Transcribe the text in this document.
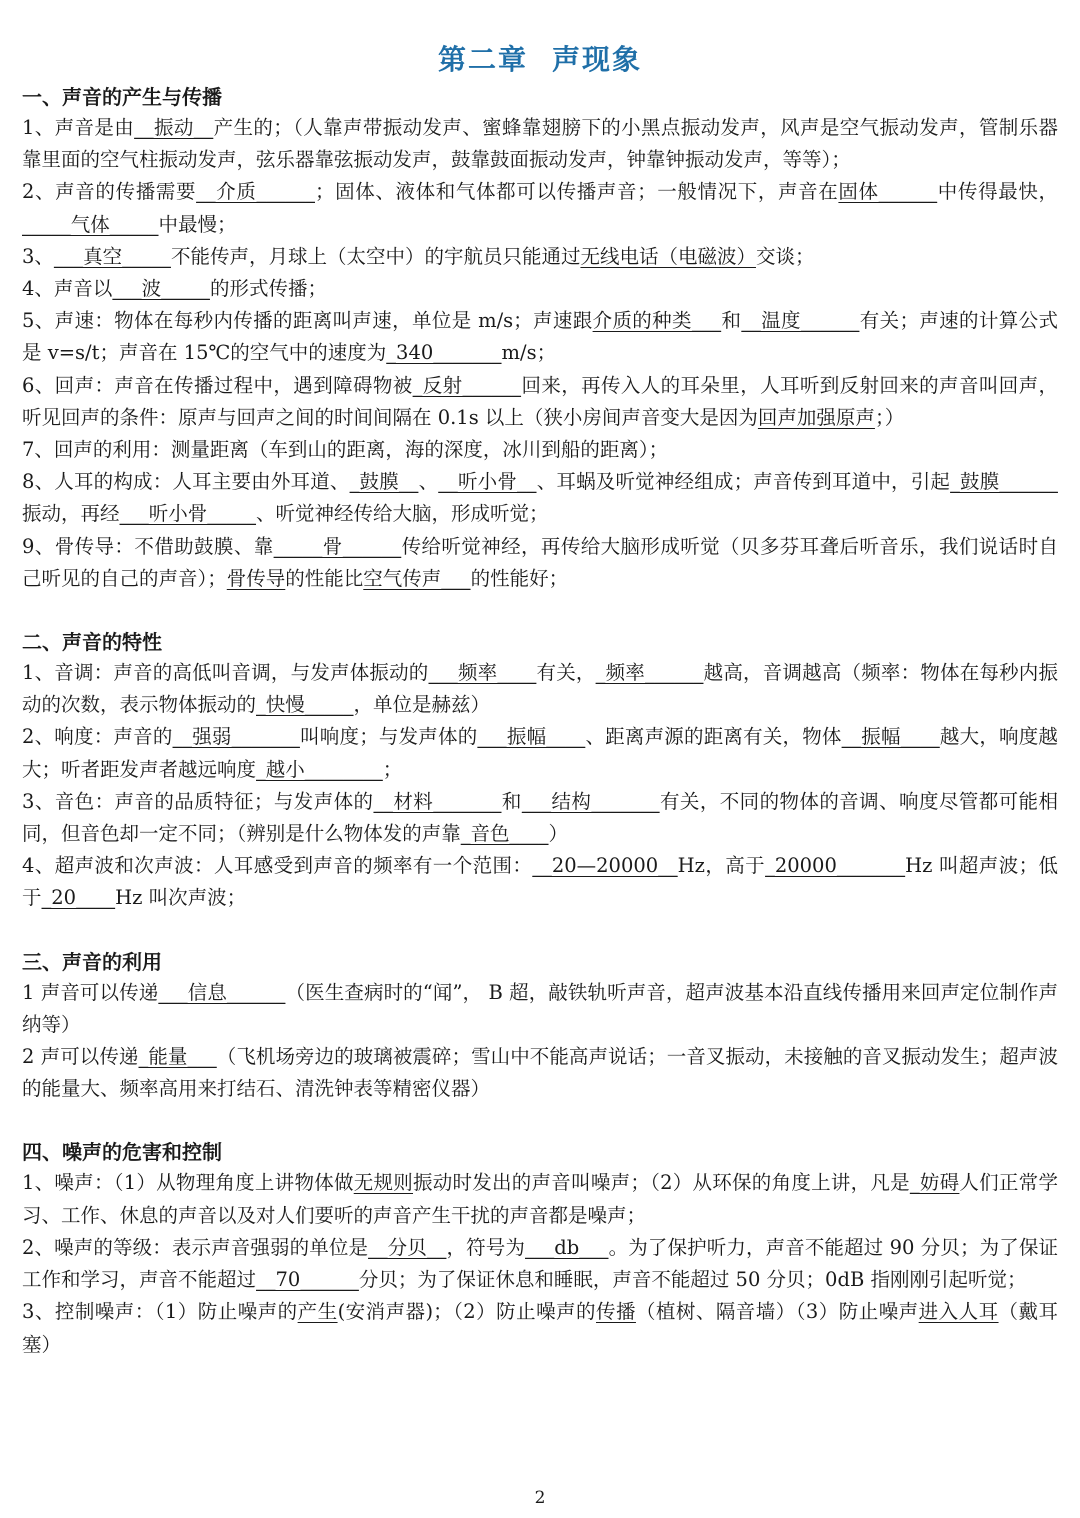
第二章 声现象
一、声音的产生与传播

1、声音是由__振动__产生的；（人靠声带振动发声、蜜蜂靠翅膀下的小黑点振动发声，风声是空气振动发声，管制乐器靠里面的空气柱振动发声，弦乐器靠弦振动发声，鼓靠鼓面振动发声，钟靠钟振动发声，等等）；

2、声音的传播需要__介质______；固体、液体和气体都可以传播声音；一般情况下，声音在固体______中传得最快，_____气体_____中最慢；

3、___真空_____不能传声，月球上（太空中）的宇航员只能通过无线电话（电磁波）交谈；

4、声音以___波_____的形式传播；

5、声速：物体在每秒内传播的距离叫声速，单位是 m/s；声速跟介质的种类___和__温度______有关；声速的计算公式是 v=s/t；声音在 15℃的空气中的速度为_340_______m/s；

6、回声：声音在传播过程中，遇到障碍物被_反射______回来，再传入人的耳朵里，人耳听到反射回来的声音叫回声，听见回声的条件：原声与回声之间的时间间隔在 0.1s 以上（狭小房间声音变大是因为回声加强原声；）

7、回声的利用：测量距离（车到山的距离，海的深度，冰川到船的距离）；

8、人耳的构成：人耳主要由外耳道、_鼓膜__、__听小骨__、耳蜗及听觉神经组成；声音传到耳道中，引起_鼓膜______振动，再经___听小骨_____、听觉神经传给大脑，形成听觉；

9、骨传导：不借助鼓膜、靠_____骨______传给听觉神经，再传给大脑形成听觉（贝多芬耳聋后听音乐，我们说话时自己听见的自己的声音）；骨传导的性能比空气传声___的性能好；

二、声音的特性

1、音调：声音的高低叫音调，与发声体振动的___频率____有关，_频率______越高，音调越高（频率：物体在每秒内振动的次数，表示物体振动的_快慢_____，单位是赫兹）

2、响度：声音的__强弱_______叫响度；与发声体的___振幅____、距离声源的距离有关，物体__振幅____越大，响度越大；听者距发声者越远响度_越小________；

3、音色：声音的品质特征；与发声体的__材料_______和___结构_______有关，不同的物体的音调、响度尽管都可能相同，但音色却一定不同；（辨别是什么物体发的声靠_音色____）

4、超声波和次声波：人耳感受到声音的频率有一个范围：__20—20000__Hz，高于_20000_______Hz 叫超声波；低于_20____Hz 叫次声波；

三、声音的利用

1 声音可以传递___信息______（医生查病时的“闻”， B 超，敲铁轨听声音，超声波基本沿直线传播用来回声定位制作声纳等）

2 声可以传递_能量___（飞机场旁边的玻璃被震碎；雪山中不能高声说话；一音叉振动，未接触的音叉振动发生；超声波的能量大、频率高用来打结石、清洗钟表等精密仪器）

四、噪声的危害和控制

1、噪声：（1）从物理角度上讲物体做无规则振动时发出的声音叫噪声；（2）从环保的角度上讲，凡是_妨碍人们正常学习、工作、休息的声音以及对人们要听的声音产生干扰的声音都是噪声；

2、噪声的等级：表示声音强弱的单位是__分贝__，符号为___db___。为了保护听力，声音不能超过 90 分贝；为了保证工作和学习，声音不能超过__70______分贝；为了保证休息和睡眠，声音不能超过 50 分贝；0dB 指刚刚引起听觉；

3、控制噪声：（1）防止噪声的产生(安消声器)；（2）防止噪声的传播（植树、隔音墙）（3）防止噪声进入人耳（戴耳塞）

2
